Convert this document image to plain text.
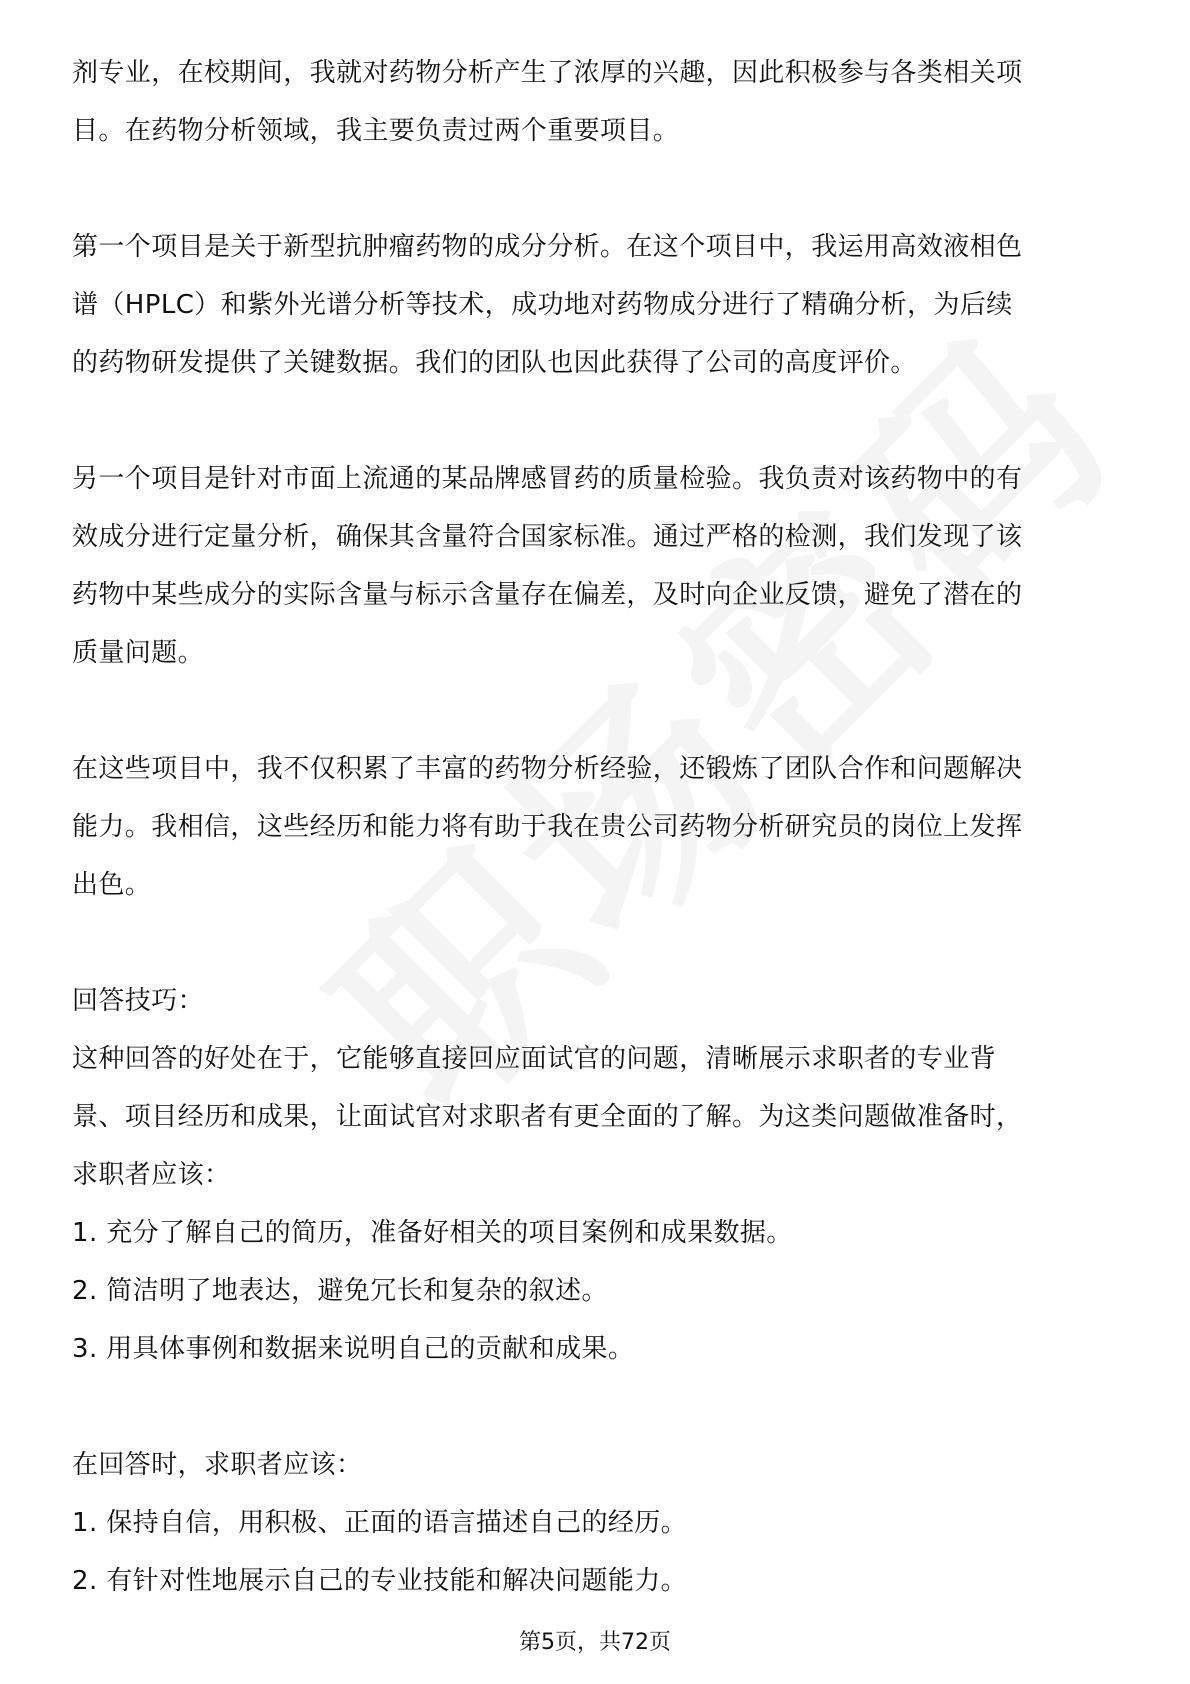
剂专业，在校期间，我就对药物分析产生了浓厚的兴趣，因此积极参与各类相关项

目。在药物分析领域，我主要负责过两个重要项目。

第一个项目是关于新型抗肿瘤药物的成分分析。在这个项目中，我运用高效液相色

谱（HPLC）和紫外光谱分析等技术，成功地对药物成分进行了精确分析，为后续

的药物研发提供了关键数据。我们的团队也因此获得了公司的高度评价。

另一个项目是针对市面上流通的某品牌感冒药的质量检验。我负责对该药物中的有

效成分进行定量分析，确保其含量符合国家标准。通过严格的检测，我们发现了该

药物中某些成分的实际含量与标示含量存在偏差，及时向企业反馈，避免了潜在的

质量问题。

在这些项目中，我不仅积累了丰富的药物分析经验，还锻炼了团队合作和问题解决

能力。我相信，这些经历和能力将有助于我在贵公司药物分析研究员的岗位上发挥

出色。

回答技巧：

这种回答的好处在于，它能够直接回应面试官的问题，清晰展示求职者的专业背

景、项目经历和成果，让面试官对求职者有更全面的了解。为这类问题做准备时，

求职者应该：

1. 充分了解自己的简历，准备好相关的项目案例和成果数据。

2. 简洁明了地表达，避免冗长和复杂的叙述。

3. 用具体事例和数据来说明自己的贡献和成果。

在回答时，求职者应该：

1. 保持自信，用积极、正面的语言描述自己的经历。

2. 有针对性地展示自己的专业技能和解决问题能力。

第5页，共72页
